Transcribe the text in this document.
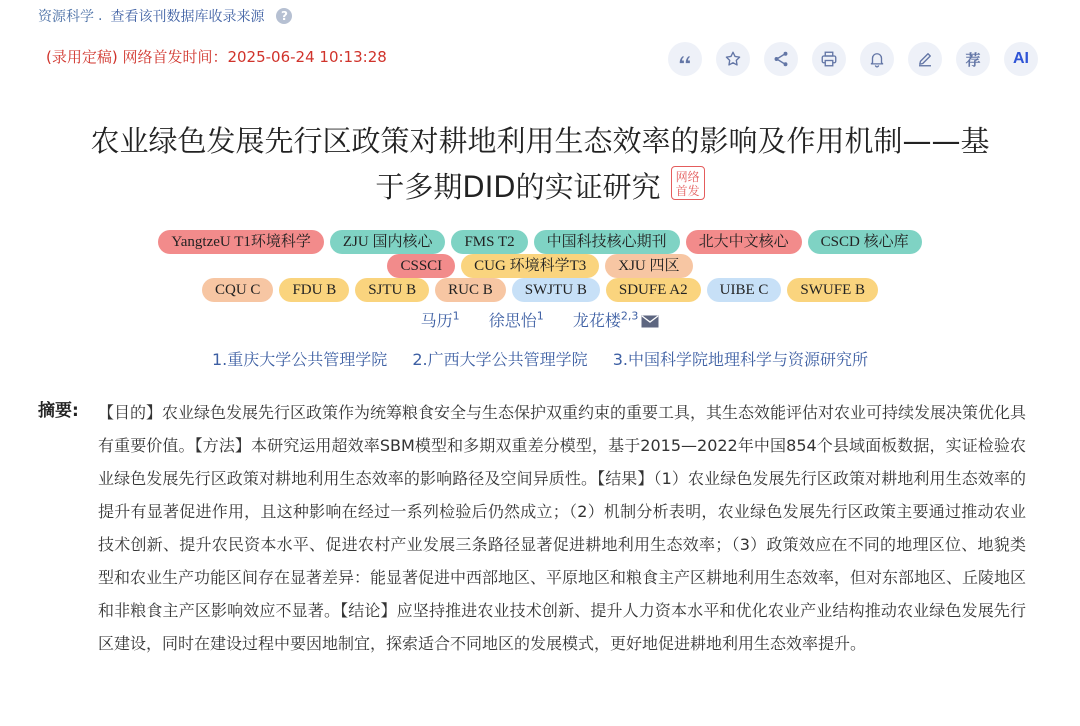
资源科学 . 查看该刊数据库收录来源	?
(录用定稿) 网络首发时间：2025-06-24 10:13:28	荐 AI
农业绿色发展先行区政策对耕地利用生态效率的影响及作用机制——基
于多期DID的实证研究 网络首发
YangtzeU T1环境科学 ZJU 国内核心 FMS T2 中国科技核心期刊 北大中文核心 CSCD 核心库
CSSCI CUG 环境科学T3 XJU 四区
CQU C FDU B SJTU B RUC B SWJTU B SDUFE A2 UIBE C SWUFE B
马历$^1$ 徐思怡$^1$ 龙花楼$^{2,3}$
1.重庆大学公共管理学院 2.广西大学公共管理学院 3.中国科学院地理科学与资源研究所
摘要: 【目的】农业绿色发展先行区政策作为统筹粮食安全与生态保护双重约束的重要工具，其生态效能评估对农业可持续发展决策优化具有重要价值。【方法】本研究运用超效率SBM模型和多期双重差分模型，基于2015—2022年中国854个县域面板数据，实证检验农业绿色发展先行区政策对耕地利用生态效率的影响路径及空间异质性。【结果】（1）农业绿色发展先行区政策对耕地利用生态效率的提升有显著促进作用，且这种影响在经过一系列检验后仍然成立；（2）机制分析表明，农业绿色发展先行区政策主要通过推动农业技术创新、提升农民资本水平、促进农村产业发展三条路径显著促进耕地利用生态效率；（3）政策效应在不同的地理区位、地貌类型和农业生产功能区间存在显著差异：能显著促进中西部地区、平原地区和粮食主产区耕地利用生态效率，但对东部地区、丘陵地区和非粮食主产区影响效应不显著。【结论】应坚持推进农业技术创新、提升人力资本水平和优化农业产业结构推动农业绿色发展先行区建设，同时在建设过程中要因地制宜，探索适合不同地区的发展模式，更好地促进耕地利用生态效率提升。
